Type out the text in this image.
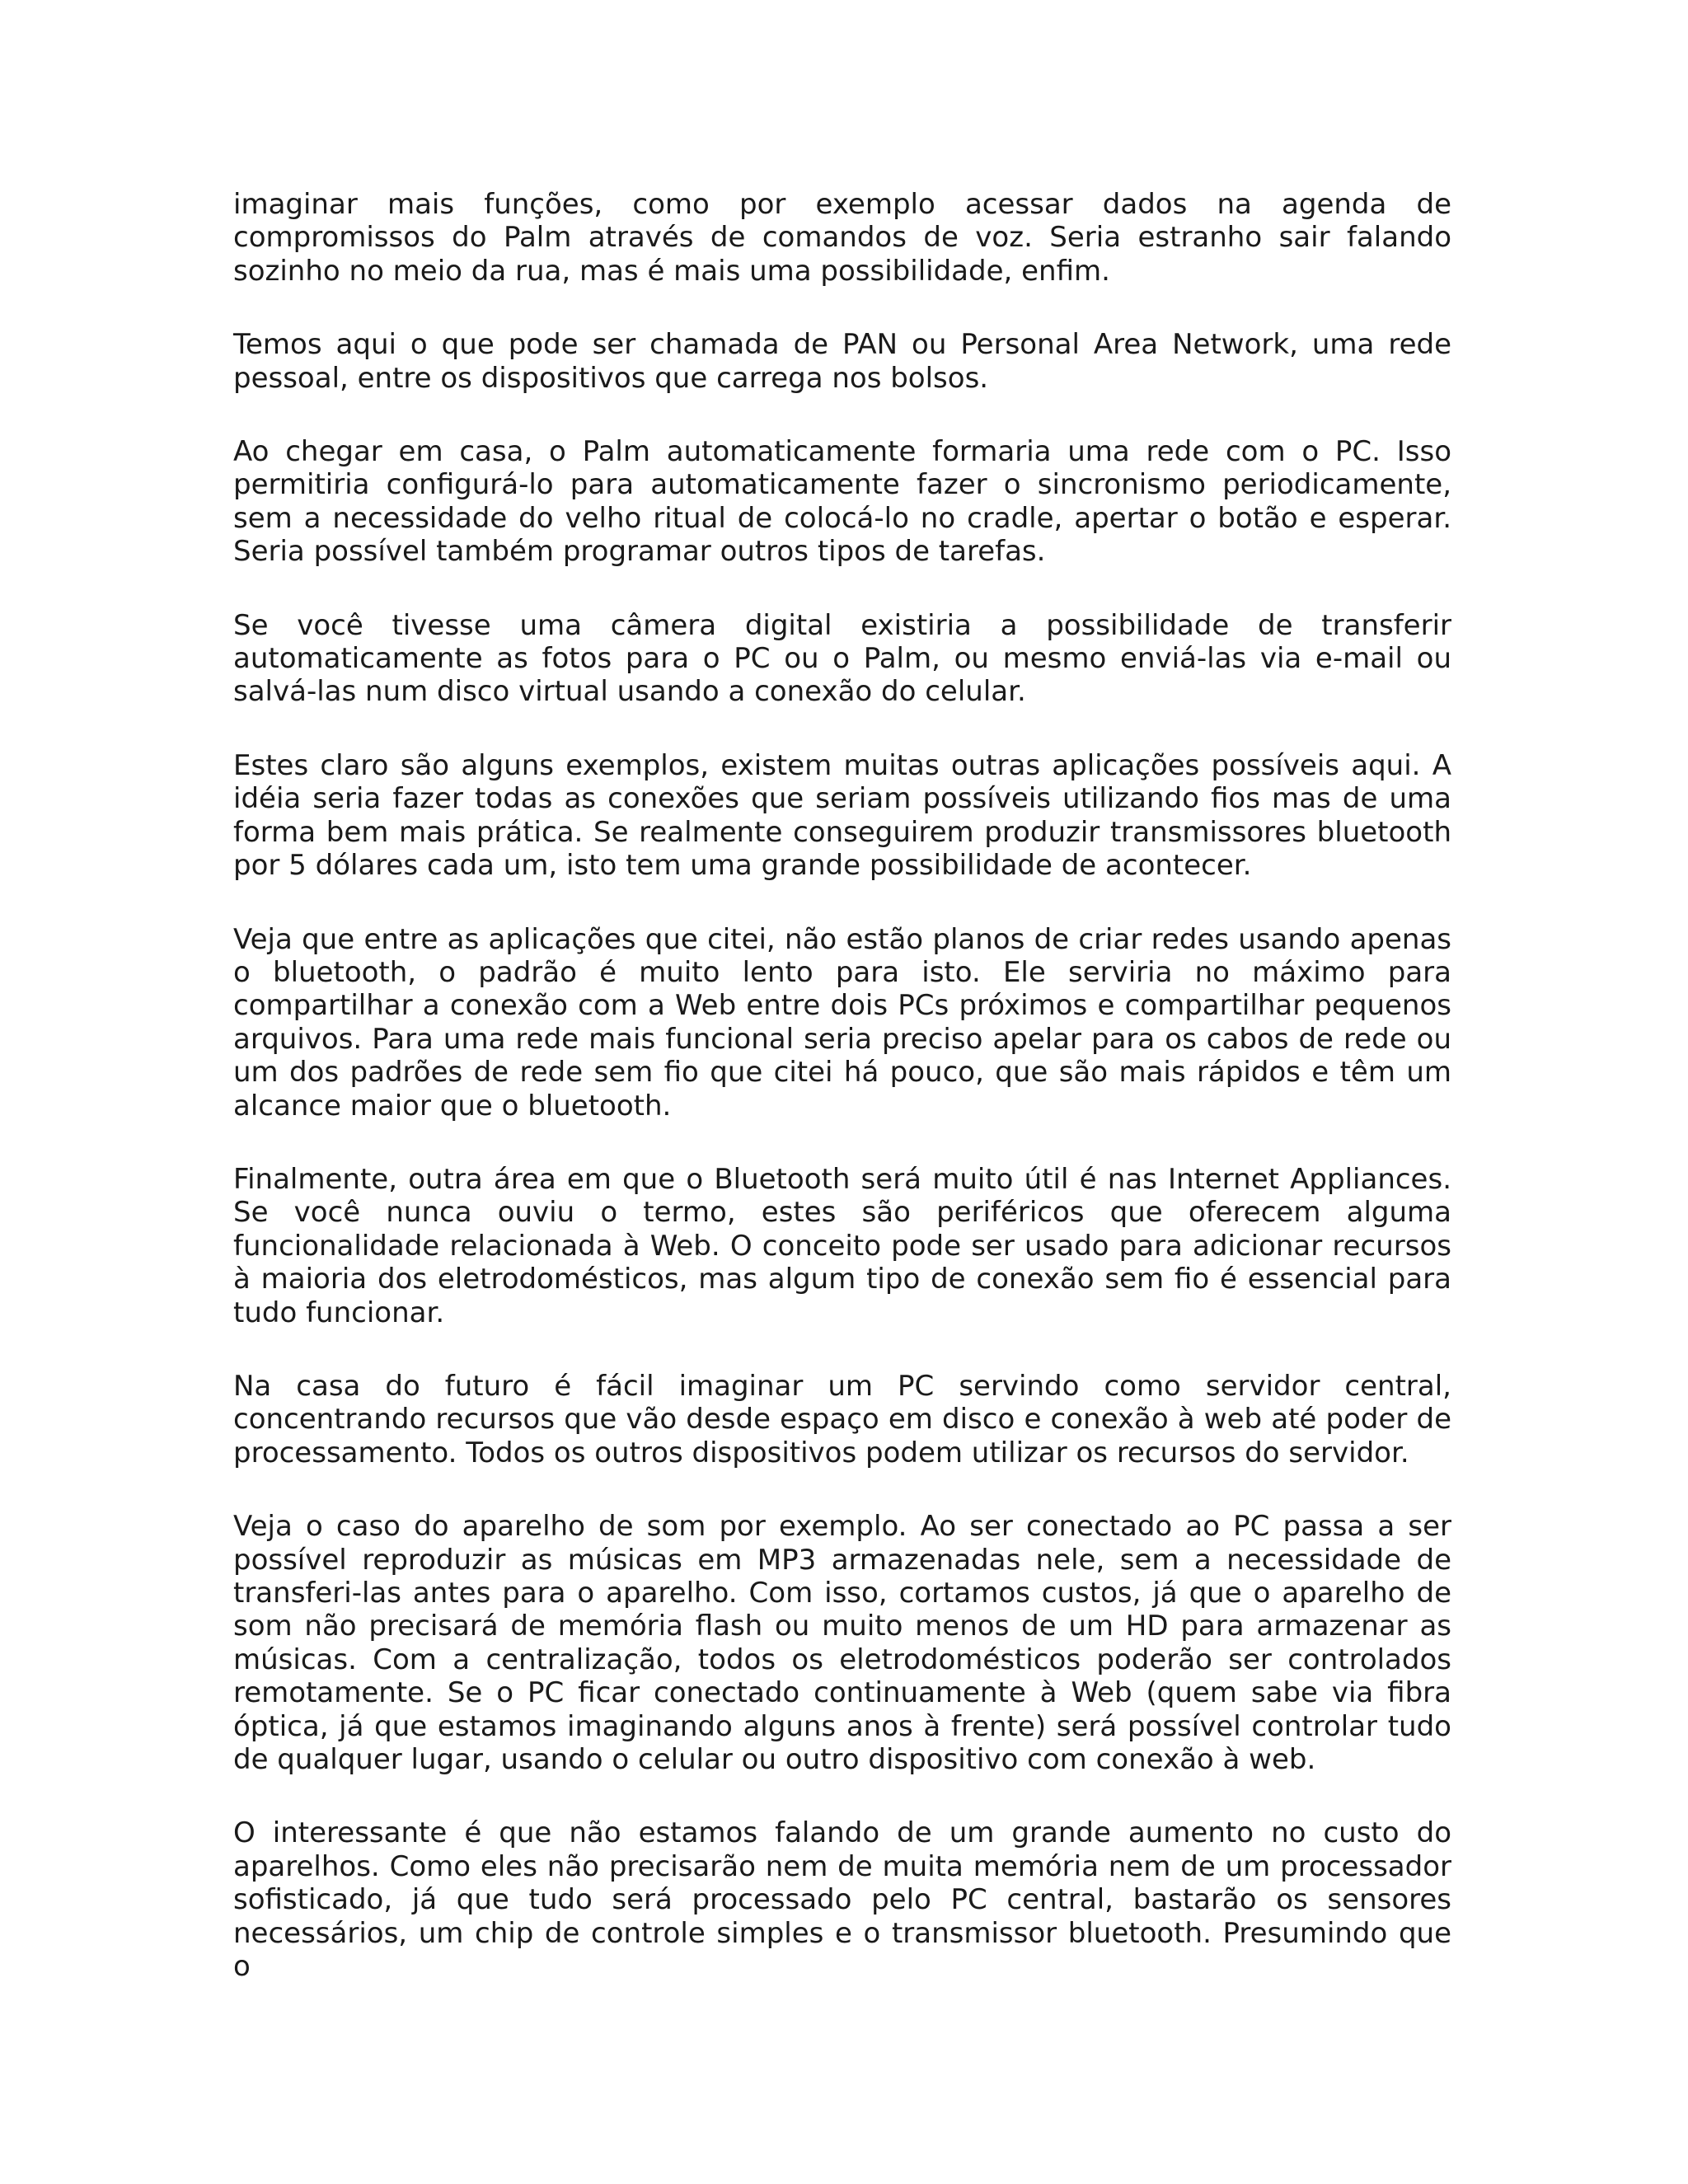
imaginar mais funções, como por exemplo acessar dados na agenda de compromissos do Palm através de comandos de voz. Seria estranho sair falando sozinho no meio da rua, mas é mais uma possibilidade, enfim.

Temos aqui o que pode ser chamada de PAN ou Personal Area Network, uma rede pessoal, entre os dispositivos que carrega nos bolsos.

Ao chegar em casa, o Palm automaticamente formaria uma rede com o PC. Isso permitiria configurá-lo para automaticamente fazer o sincronismo periodicamente, sem a necessidade do velho ritual de colocá-lo no cradle, apertar o botão e esperar. Seria possível também programar outros tipos de tarefas.

Se você tivesse uma câmera digital existiria a possibilidade de transferir automaticamente as fotos para o PC ou o Palm, ou mesmo enviá-las via e-mail ou salvá-las num disco virtual usando a conexão do celular.

Estes claro são alguns exemplos, existem muitas outras aplicações possíveis aqui. A idéia seria fazer todas as conexões que seriam possíveis utilizando fios mas de uma forma bem mais prática. Se realmente conseguirem produzir transmissores bluetooth por 5 dólares cada um, isto tem uma grande possibilidade de acontecer.

Veja que entre as aplicações que citei, não estão planos de criar redes usando apenas o bluetooth, o padrão é muito lento para isto. Ele serviria no máximo para compartilhar a conexão com a Web entre dois PCs próximos e compartilhar pequenos arquivos. Para uma rede mais funcional seria preciso apelar para os cabos de rede ou um dos padrões de rede sem fio que citei há pouco, que são mais rápidos e têm um alcance maior que o bluetooth.

Finalmente, outra área em que o Bluetooth será muito útil é nas Internet Appliances. Se você nunca ouviu o termo, estes são periféricos que oferecem alguma funcionalidade relacionada à Web. O conceito pode ser usado para adicionar recursos à maioria dos eletrodomésticos, mas algum tipo de conexão sem fio é essencial para tudo funcionar.

Na casa do futuro é fácil imaginar um PC servindo como servidor central, concentrando recursos que vão desde espaço em disco e conexão à web até poder de processamento. Todos os outros dispositivos podem utilizar os recursos do servidor.

Veja o caso do aparelho de som por exemplo. Ao ser conectado ao PC passa a ser possível reproduzir as músicas em MP3 armazenadas nele, sem a necessidade de transferi-las antes para o aparelho. Com isso, cortamos custos, já que o aparelho de som não precisará de memória flash ou muito menos de um HD para armazenar as músicas. Com a centralização, todos os eletrodomésticos poderão ser controlados remotamente. Se o PC ficar conectado continuamente à Web (quem sabe via fibra óptica, já que estamos imaginando alguns anos à frente) será possível controlar tudo de qualquer lugar, usando o celular ou outro dispositivo com conexão à web.

O interessante é que não estamos falando de um grande aumento no custo do aparelhos. Como eles não precisarão nem de muita memória nem de um processador sofisticado, já que tudo será processado pelo PC central, bastarão os sensores necessários, um chip de controle simples e o transmissor bluetooth. Presumindo que o
